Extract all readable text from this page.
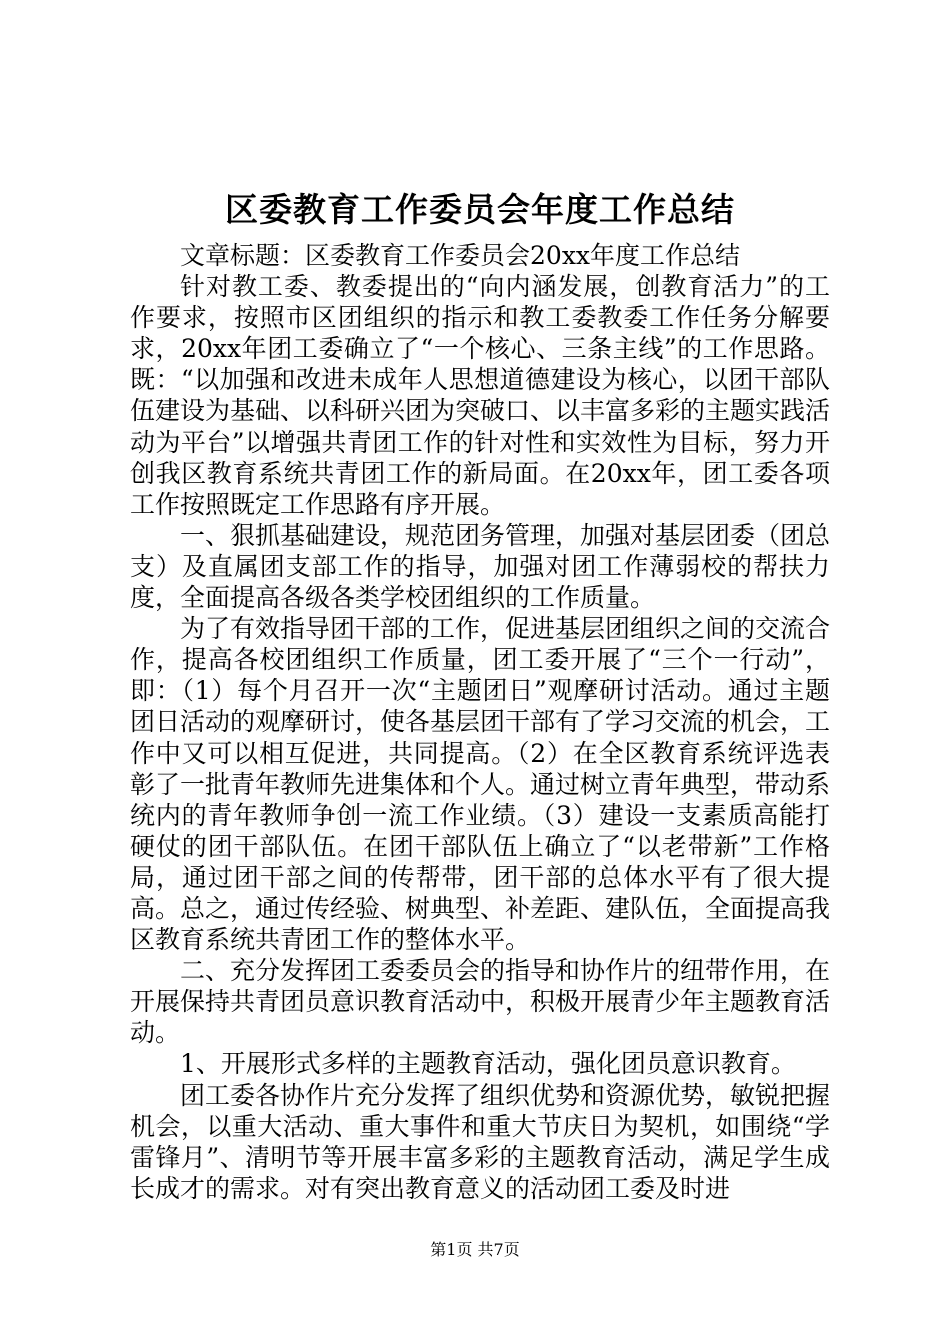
区委教育工作委员会年度工作总结

文章标题：区委教育工作委员会20xx年度工作总结

针对教工委、教委提出的“向内涵发展，创教育活力”的工作要求，按照市区团组织的指示和教工委教委工作任务分解要求，20xx年团工委确立了“一个核心、三条主线”的工作思路。既：“以加强和改进未成年人思想道德建设为核心，以团干部队伍建设为基础、以科研兴团为突破口、以丰富多彩的主题实践活动为平台”以增强共青团工作的针对性和实效性为目标，努力开创我区教育系统共青团工作的新局面。在20xx年，团工委各项工作按照既定工作思路有序开展。

一、狠抓基础建设，规范团务管理，加强对基层团委（团总支）及直属团支部工作的指导，加强对团工作薄弱校的帮扶力度，全面提高各级各类学校团组织的工作质量。

为了有效指导团干部的工作，促进基层团组织之间的交流合作，提高各校团组织工作质量，团工委开展了“三个一行动”，即：（1）每个月召开一次“主题团日”观摩研讨活动。通过主题团日活动的观摩研讨，使各基层团干部有了学习交流的机会，工作中又可以相互促进，共同提高。（2）在全区教育系统评选表彰了一批青年教师先进集体和个人。通过树立青年典型，带动系统内的青年教师争创一流工作业绩。（3）建设一支素质高能打硬仗的团干部队伍。在团干部队伍上确立了“以老带新”工作格局，通过团干部之间的传帮带，团干部的总体水平有了很大提高。总之，通过传经验、树典型、补差距、建队伍，全面提高我区教育系统共青团工作的整体水平。

二、充分发挥团工委委员会的指导和协作片的纽带作用，在开展保持共青团员意识教育活动中，积极开展青少年主题教育活动。

1、开展形式多样的主题教育活动，强化团员意识教育。

团工委各协作片充分发挥了组织优势和资源优势，敏锐把握机会，以重大活动、重大事件和重大节庆日为契机，如围绕“学雷锋月”、清明节等开展丰富多彩的主题教育活动，满足学生成长成才的需求。对有突出教育意义的活动团工委及时进

第1页 共7页
